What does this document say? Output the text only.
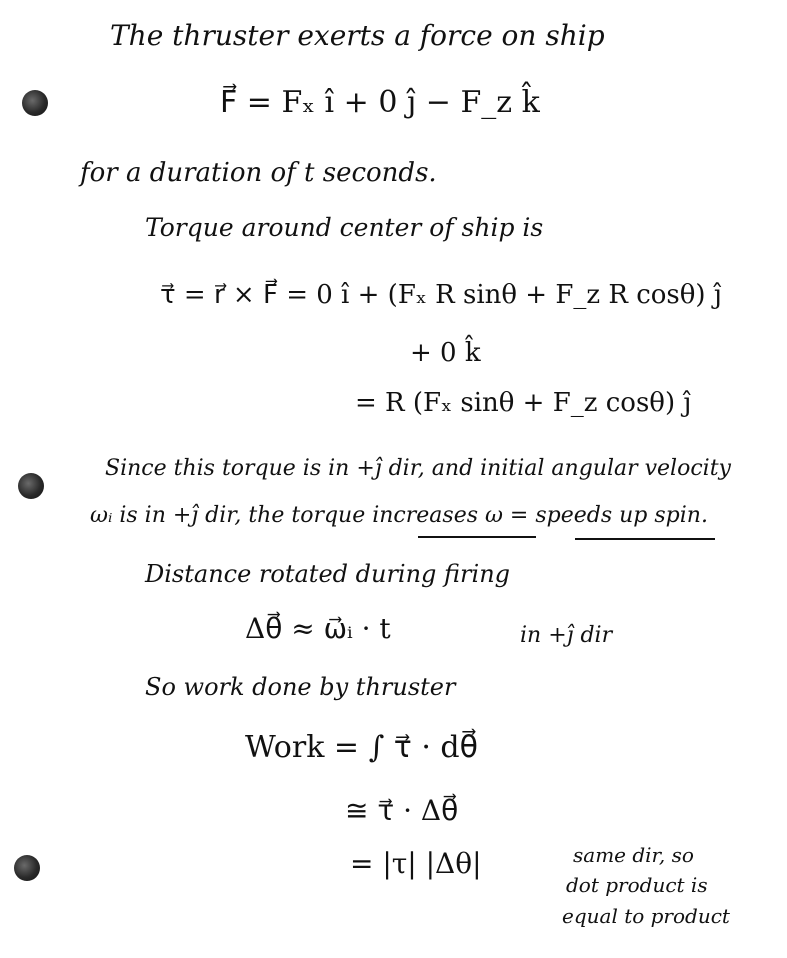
The thruster exerts a force on ship
F⃗ = Fₓ î + 0 ĵ − F_z k̂
for a duration of t seconds.
Torque around center of ship is
τ⃗ = r⃗ × F⃗ = 0 î + (Fₓ R sinθ + F_z R cosθ) ĵ
+ 0 k̂
= R (Fₓ sinθ + F_z cosθ) ĵ
Since this torque is in +ĵ dir, and initial angular velocity
ωᵢ is in +ĵ dir, the torque increases ω = speeds up spin.
Distance rotated during firing
Δθ⃗ ≈ ω⃗ᵢ · t	in +ĵ dir
So work done by thruster
Work = ∫ τ⃗ · dθ⃗
≅ τ⃗ · Δθ⃗
= |τ| |Δθ|	same dir, so
dot product is
equal to product
